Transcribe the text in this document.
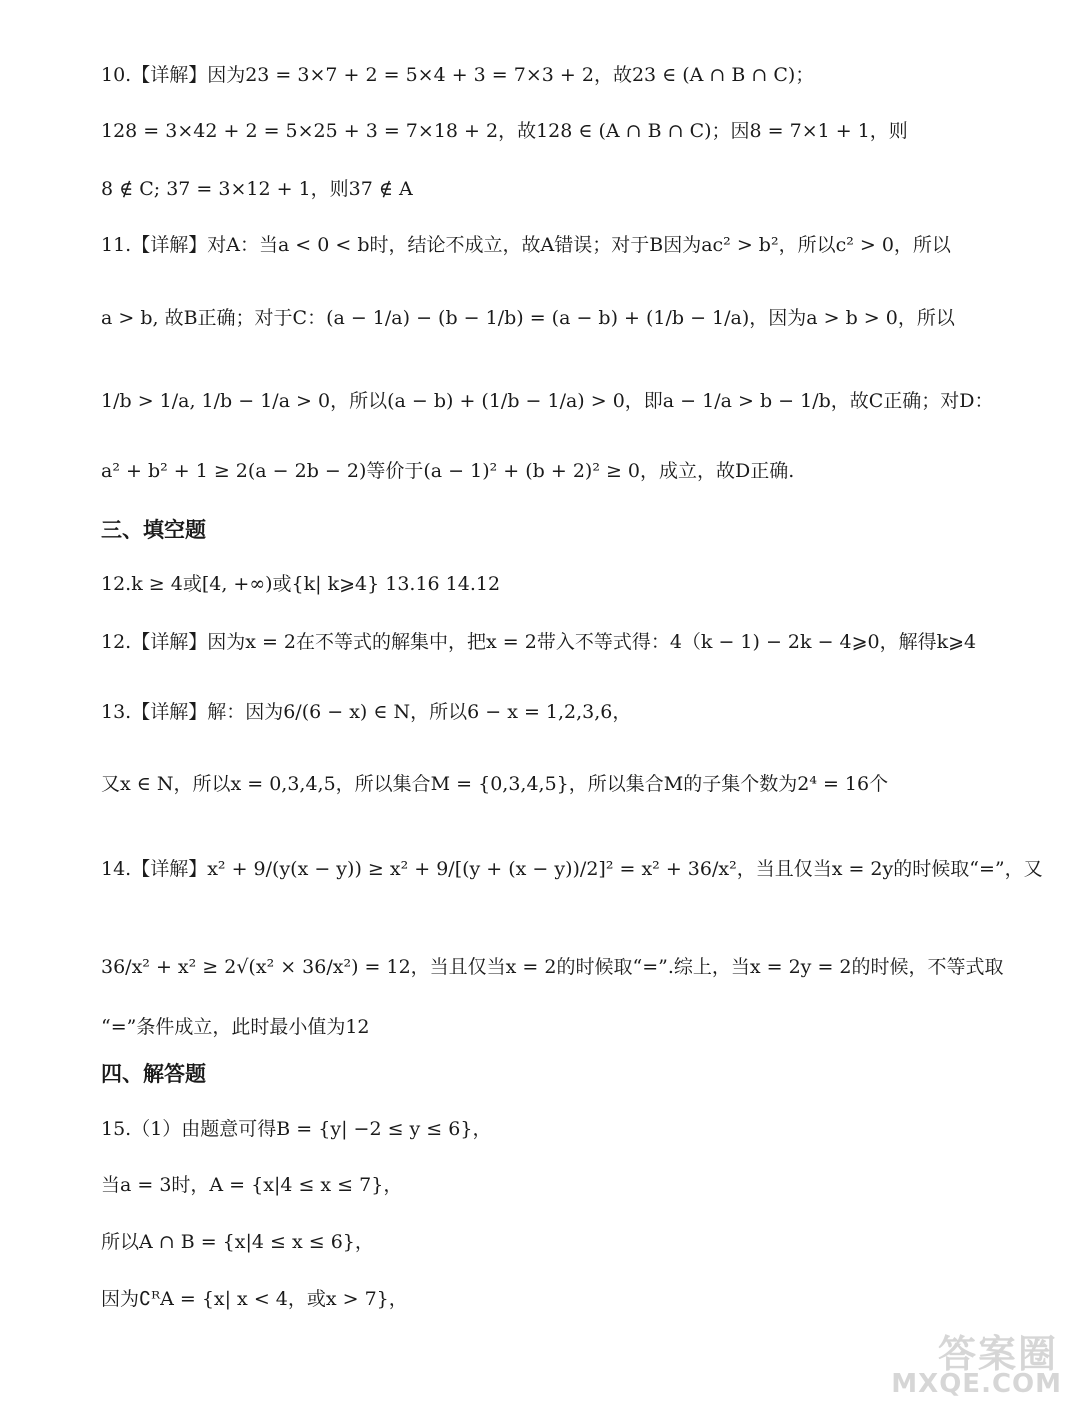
10.【详解】因为23 = 3×7 + 2 = 5×4 + 3 = 7×3 + 2，故23 ∈ (A ∩ B ∩ C)；
128 = 3×42 + 2 = 5×25 + 3 = 7×18 + 2，故128 ∈ (A ∩ B ∩ C)；因8 = 7×1 + 1，则
8 ∉ C; 37 = 3×12 + 1，则37 ∉ A
11.【详解】对A：当a < 0 < b时，结论不成立，故A错误；对于B因为ac² > b²，所以c² > 0，所以
a > b, 故B正确；对于C：(a − 1/a) − (b − 1/b) = (a − b) + (1/b − 1/a)，因为a > b > 0，所以
1/b > 1/a, 1/b − 1/a > 0，所以(a − b) + (1/b − 1/a) > 0，即a − 1/a > b − 1/b，故C正确；对D：
a² + b² + 1 ≥ 2(a − 2b − 2)等价于(a − 1)² + (b + 2)² ≥ 0，成立，故D正确.
三、填空题
12.k ≥ 4或[4, +∞)或{k| k⩾4} 13.16 14.12
12.【详解】因为x = 2在不等式的解集中，把x = 2带入不等式得：4（k − 1) − 2k − 4⩾0，解得k⩾4
13.【详解】解：因为6/(6 − x) ∈ N，所以6 − x = 1,2,3,6，
又x ∈ N，所以x = 0,3,4,5，所以集合M = {0,3,4,5}，所以集合M的子集个数为2⁴ = 16个
14.【详解】x² + 9/(y(x − y)) ≥ x² + 9/[(y + (x − y))/2]² = x² + 36/x²，当且仅当x = 2y的时候取“=”，又
36/x² + x² ≥ 2√(x² × 36/x²) = 12，当且仅当x = 2的时候取“=”.综上，当x = 2y = 2的时候，不等式取
“=”条件成立，此时最小值为12
四、解答题
15.（1）由题意可得B = {y| −2 ≤ y ≤ 6}，
当a = 3时，A = {x|4 ≤ x ≤ 7}，
所以A ∩ B = {x|4 ≤ x ≤ 6}，
因为∁ᴿA = {x| x < 4，或x > 7}，
答案圈
MXQE.COM
